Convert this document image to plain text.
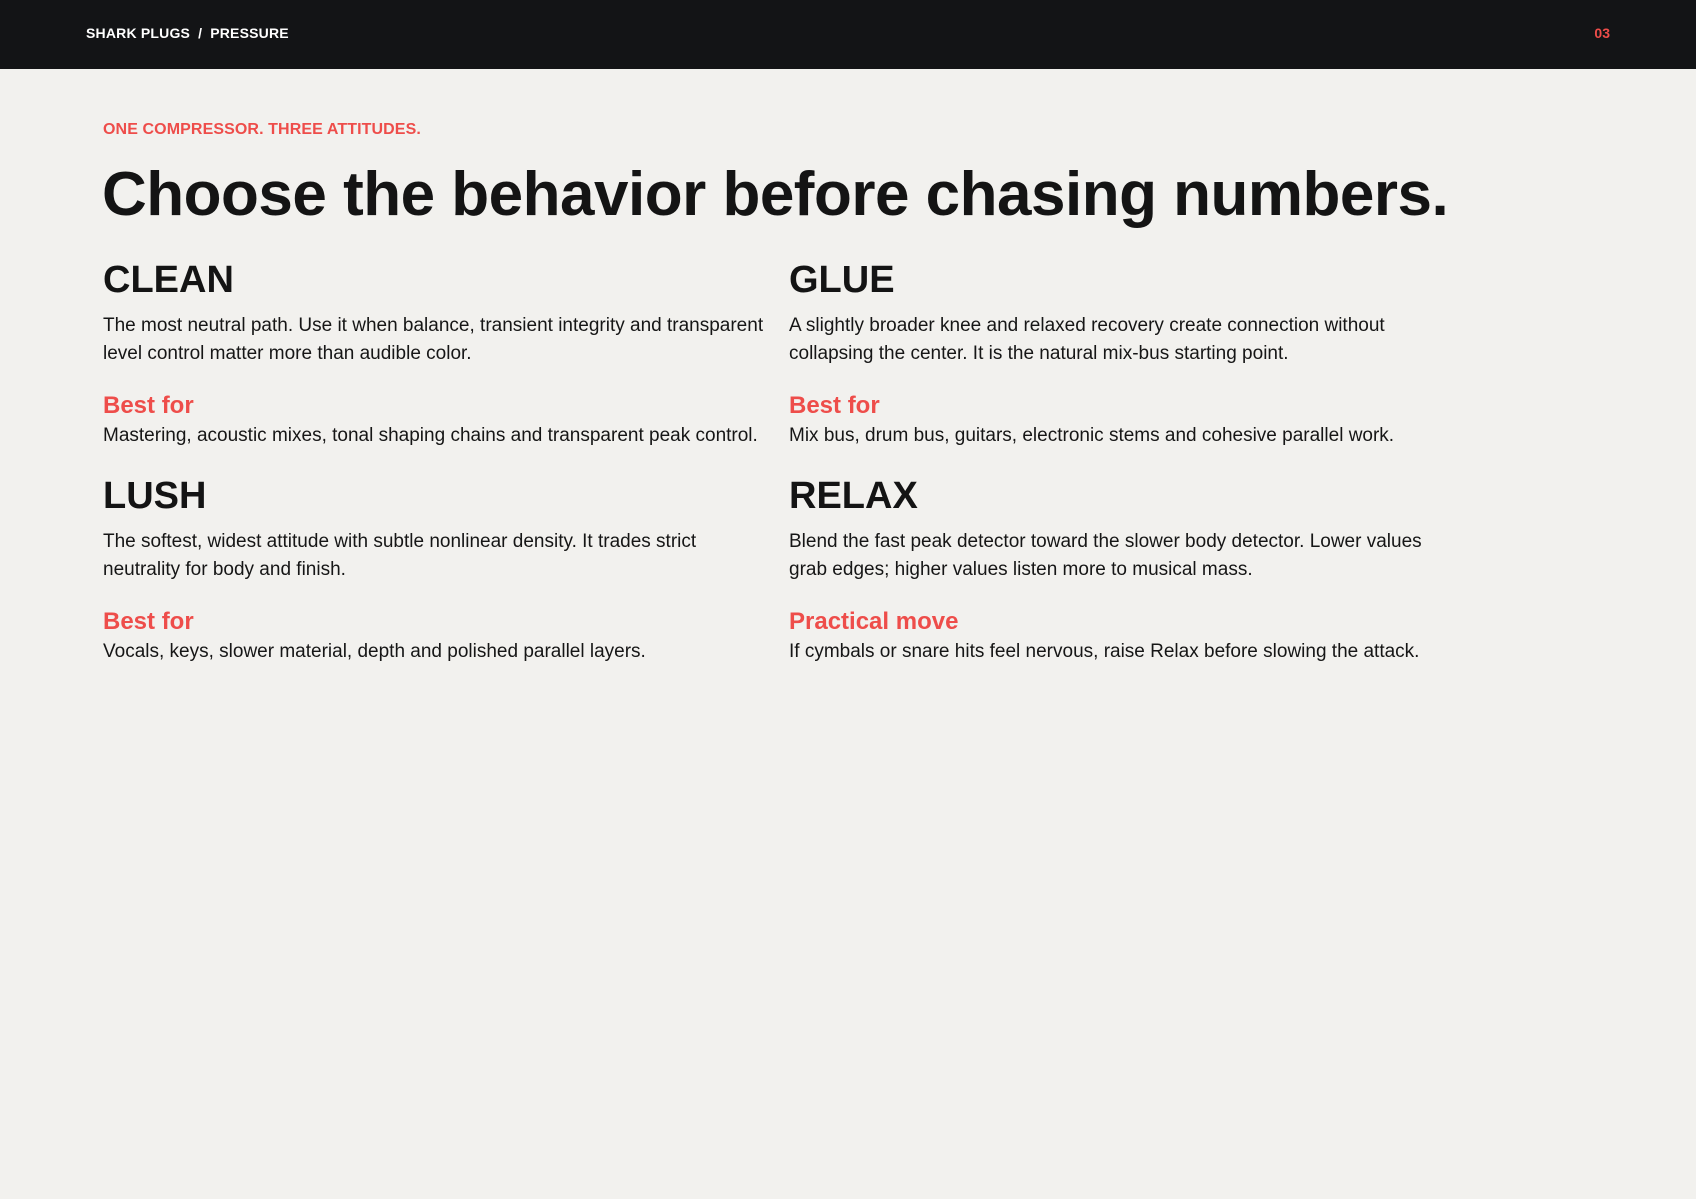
SHARK PLUGS / PRESSURE	03
ONE COMPRESSOR. THREE ATTITUDES.
Choose the behavior before chasing numbers.
CLEAN

The most neutral path. Use it when balance, transient integrity and transparent level control matter more than audible color.

Best for

Mastering, acoustic mixes, tonal shaping chains and transparent peak control.

GLUE

A slightly broader knee and relaxed recovery create connection without collapsing the center. It is the natural mix-bus starting point.

Best for

Mix bus, drum bus, guitars, electronic stems and cohesive parallel work.

LUSH

The softest, widest attitude with subtle nonlinear density. It trades strict neutrality for body and finish.

Best for

Vocals, keys, slower material, depth and polished parallel layers.

RELAX

Blend the fast peak detector toward the slower body detector. Lower values grab edges; higher values listen more to musical mass.

Practical move

If cymbals or snare hits feel nervous, raise Relax before slowing the attack.
